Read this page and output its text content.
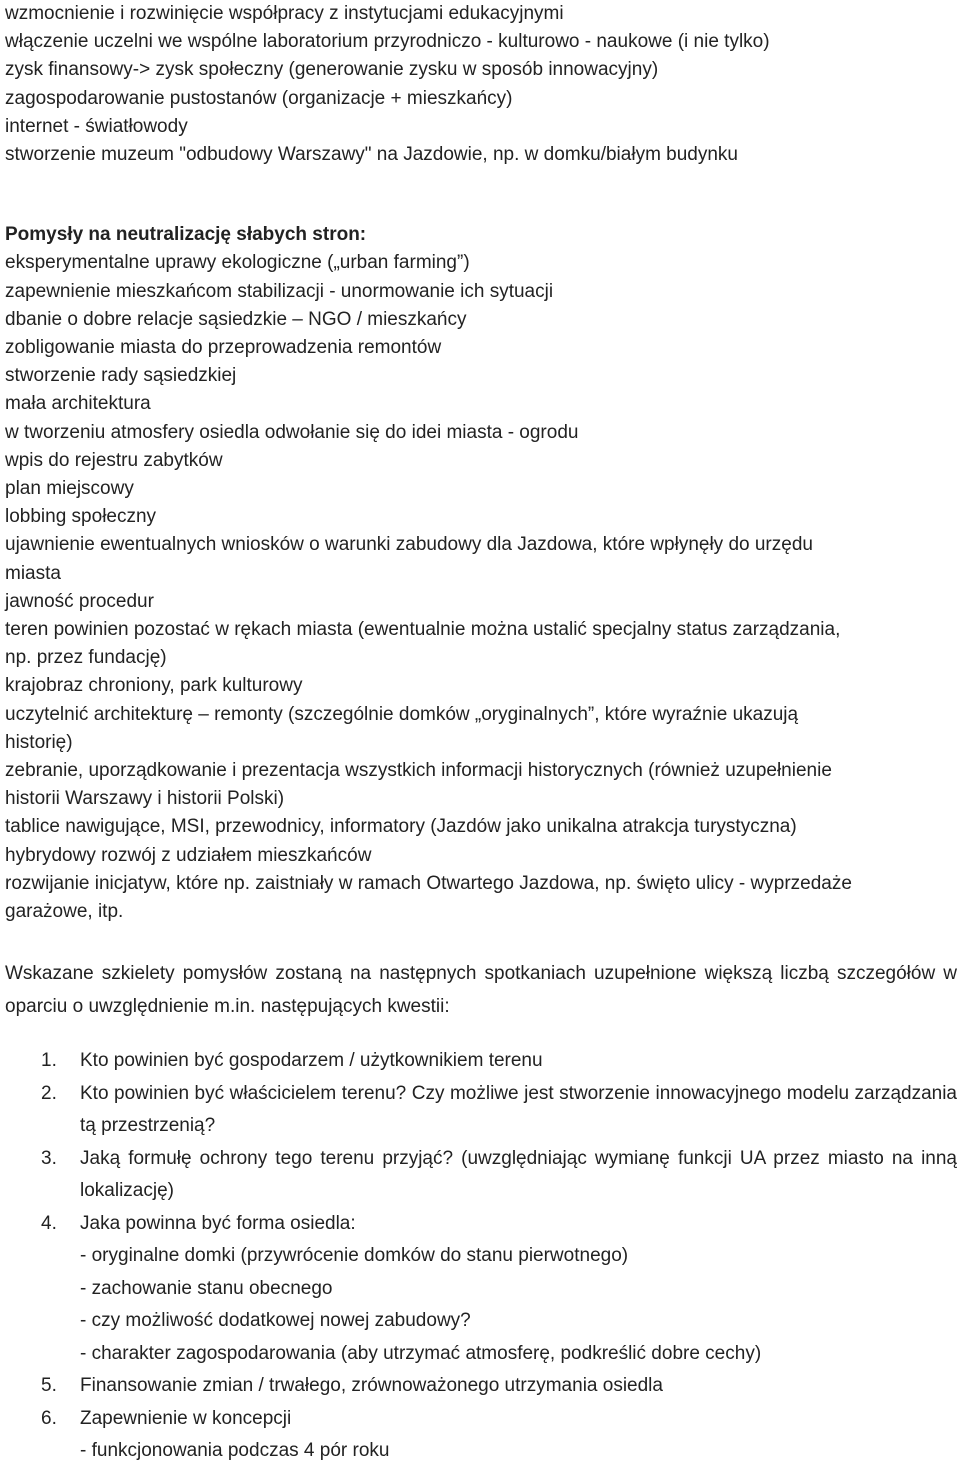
wzmocnienie i rozwinięcie współpracy z instytucjami edukacyjnymi

włączenie uczelni we wspólne laboratorium przyrodniczo - kulturowo - naukowe (i nie tylko)

zysk finansowy-> zysk społeczny (generowanie zysku w sposób innowacyjny)

zagospodarowanie pustostanów (organizacje + mieszkańcy)

internet - światłowody

stworzenie muzeum "odbudowy Warszawy" na Jazdowie, np. w domku/białym budynku

Pomysły na neutralizację słabych stron:

eksperymentalne uprawy ekologiczne („urban farming”)

zapewnienie mieszkańcom stabilizacji - unormowanie ich sytuacji

dbanie o dobre relacje sąsiedzkie – NGO / mieszkańcy

zobligowanie miasta do przeprowadzenia remontów

stworzenie rady sąsiedzkiej

mała architektura

w tworzeniu atmosfery osiedla odwołanie się do idei miasta - ogrodu

wpis do rejestru zabytków

plan miejscowy

lobbing społeczny

ujawnienie ewentualnych wniosków o warunki zabudowy dla Jazdowa, które wpłynęły do urzędu

miasta

jawność procedur

teren powinien pozostać w rękach miasta (ewentualnie można ustalić specjalny status zarządzania,

np. przez fundację)

krajobraz chroniony, park kulturowy

uczytelnić architekturę – remonty (szczególnie domków „oryginalnych”, które wyraźnie ukazują

historię)

zebranie, uporządkowanie i prezentacja wszystkich informacji historycznych (również uzupełnienie

historii Warszawy i historii Polski)

tablice nawigujące, MSI, przewodnicy, informatory (Jazdów jako unikalna atrakcja turystyczna)

hybrydowy rozwój z udziałem mieszkańców

rozwijanie inicjatyw, które np. zaistniały w ramach Otwartego Jazdowa, np. święto ulicy - wyprzedaże

garażowe, itp.

Wskazane szkielety pomysłów zostaną na następnych spotkaniach uzupełnione większą liczbą szczegółów w oparciu o uwzględnienie m.in. następujących kwestii:

1. Kto powinien być gospodarzem / użytkownikiem terenu
2. Kto powinien być właścicielem terenu? Czy możliwe jest stworzenie innowacyjnego modelu zarządzania tą przestrzenią?
3. Jaką formułę ochrony tego terenu przyjąć? (uwzględniając wymianę funkcji UA przez miasto na inną lokalizację)
4. Jaka powinna być forma osiedla:
- oryginalne domki (przywrócenie domków do stanu pierwotnego)
- zachowanie stanu obecnego
- czy możliwość dodatkowej nowej zabudowy?
- charakter zagospodarowania (aby utrzymać atmosferę, podkreślić dobre cechy)
5. Finansowanie zmian / trwałego, zrównoważonego utrzymania osiedla
6. Zapewnienie w koncepcji
- funkcjonowania podczas 4 pór roku
